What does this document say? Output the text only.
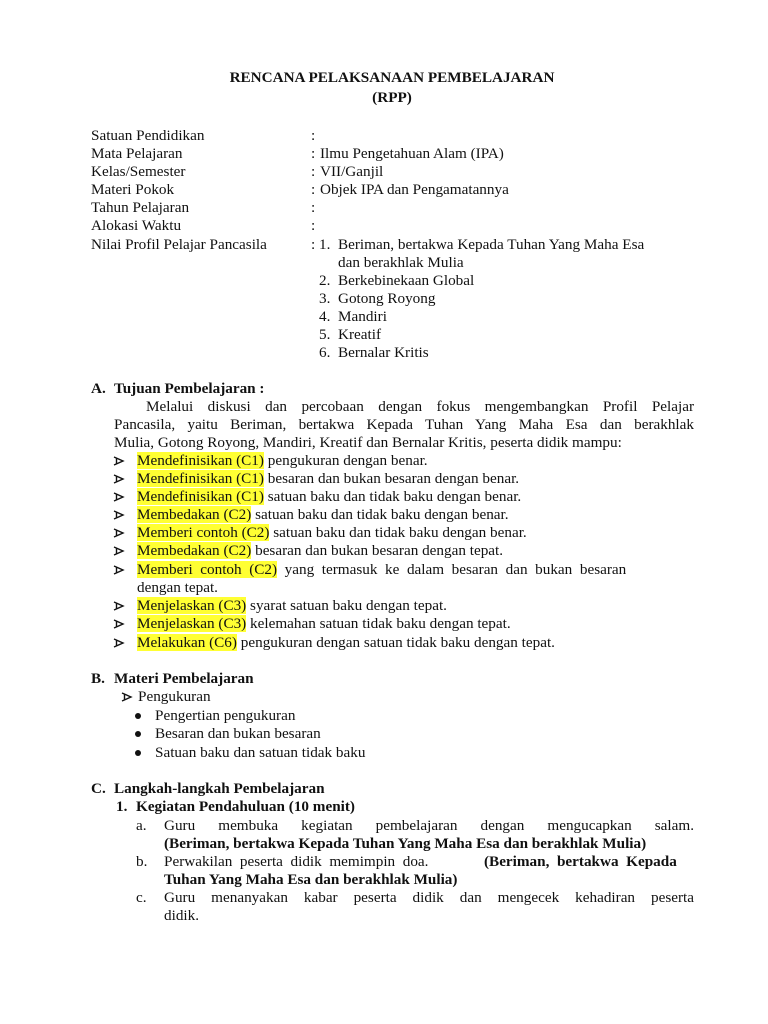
RENCANA PELAKSANAAN PEMBELAJARAN
(RPP)
Satuan Pendidikan	:
Mata Pelajaran	: Ilmu Pengetahuan Alam (IPA)
Kelas/Semester	: VII/Ganjil
Materi Pokok	: Objek IPA dan Pengamatannya
Tahun Pelajaran	:
Alokasi Waktu	:
Nilai Profil Pelajar Pancasila	: 1. Beriman, bertakwa Kepada Tuhan Yang Maha Esa
dan berakhlak Mulia
2. Berkebinekaan Global
3. Gotong Royong
4. Mandiri
5. Kreatif
6. Bernalar Kritis
A. Tujuan Pembelajaran :
Melalui diskusi dan percobaan dengan fokus mengembangkan Profil Pelajar
Pancasila, yaitu Beriman, bertakwa Kepada Tuhan Yang Maha Esa dan berakhlak
Mulia, Gotong Royong, Mandiri, Kreatif dan Bernalar Kritis, peserta didik mampu:
Mendefinisikan (C1) pengukuran dengan benar.
Mendefinisikan (C1) besaran dan bukan besaran dengan benar.
Mendefinisikan (C1) satuan baku dan tidak baku dengan benar.
Membedakan (C2) satuan baku dan tidak baku dengan benar.
Memberi contoh (C2) satuan baku dan tidak baku dengan benar.
Membedakan (C2) besaran dan bukan besaran dengan tepat.
Memberi  contoh  (C2)  yang  termasuk  ke  dalam  besaran  dan  bukan  besaran
dengan tepat.
Menjelaskan (C3) syarat satuan baku dengan tepat.
Menjelaskan (C3) kelemahan satuan tidak baku dengan tepat.
Melakukan (C6) pengukuran dengan satuan tidak baku dengan tepat.
B. Materi Pembelajaran
Pengukuran
Pengertian pengukuran
Besaran dan bukan besaran
Satuan baku dan satuan tidak baku
C. Langkah-langkah Pembelajaran
1. Kegiatan Pendahuluan (10 menit)
a. Guru  membuka  kegiatan  pembelajaran  dengan  mengucapkan  salam.
(Beriman, bertakwa Kepada Tuhan Yang Maha Esa dan berakhlak Mulia)
b. Perwakilan  peserta  didik  memimpin  doa.	(Beriman,  bertakwa  Kepada
Tuhan Yang Maha Esa dan berakhlak Mulia)
c. Guru  menanyakan  kabar  peserta  didik  dan  mengecek  kehadiran  peserta
didik.
